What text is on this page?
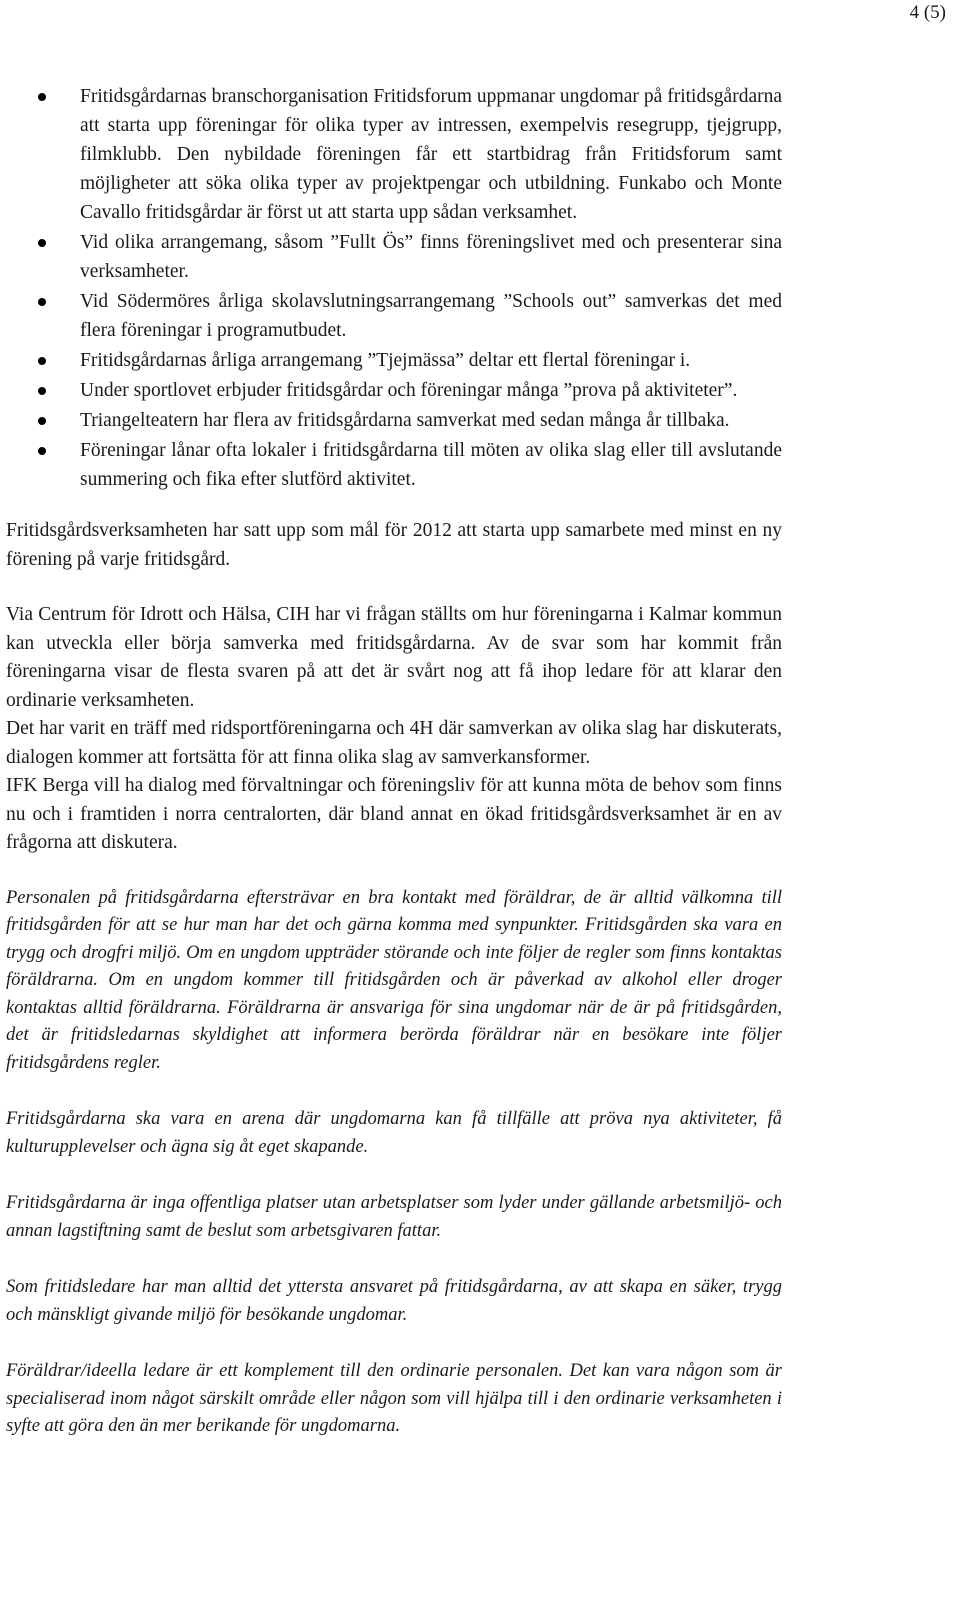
4 (5)
Fritidsgårdarnas branschorganisation Fritidsforum uppmanar ungdomar på fritidsgårdarna att starta upp föreningar för olika typer av intressen, exempelvis resegrupp, tjejgrupp, filmklubb. Den nybildade föreningen får ett startbidrag från Fritidsforum samt möjligheter att söka olika typer av projektpengar och utbildning. Funkabo och Monte Cavallo fritidsgårdar är först ut att starta upp sådan verksamhet.
Vid olika arrangemang, såsom ”Fullt Ös” finns föreningslivet med och presenterar sina verksamheter.
Vid Södermöres årliga skolavslutningsarrangemang ”Schools out” samverkas det med flera föreningar i programutbudet.
Fritidsgårdarnas årliga arrangemang ”Tjejmässa” deltar ett flertal föreningar i.
Under sportlovet erbjuder fritidsgårdar och föreningar många ”prova på aktiviteter”.
Triangelteatern har flera av fritidsgårdarna samverkat med sedan många år tillbaka.
Föreningar lånar ofta lokaler i fritidsgårdarna till möten av olika slag eller till avslutande summering och fika efter slutförd aktivitet.

Fritidsgårdsverksamheten har satt upp som mål för 2012 att starta upp samarbete med minst en ny förening på varje fritidsgård.

Via Centrum för Idrott och Hälsa, CIH har vi frågan ställts om hur föreningarna i Kalmar kommun kan utveckla eller börja samverka med fritidsgårdarna. Av de svar som har kommit från föreningarna visar de flesta svaren på att det är svårt nog att få ihop ledare för att klarar den ordinarie verksamheten.

Det har varit en träff med ridsportföreningarna och 4H där samverkan av olika slag har diskuterats, dialogen kommer att fortsätta för att finna olika slag av samverkansformer.

IFK Berga vill ha dialog med förvaltningar och föreningsliv för att kunna möta de behov som finns nu och i framtiden i norra centralorten, där bland annat en ökad fritidsgårdsverksamhet är en av frågorna att diskutera.

Personalen på fritidsgårdarna eftersträvar en bra kontakt med föräldrar, de är alltid välkomna till fritidsgården för att se hur man har det och gärna komma med synpunkter. Fritidsgården ska vara en trygg och drogfri miljö. Om en ungdom uppträder störande och inte följer de regler som finns kontaktas föräldrarna. Om en ungdom kommer till fritidsgården och är påverkad av alkohol eller droger kontaktas alltid föräldrarna. Föräldrarna är ansvariga för sina ungdomar när de är på fritidsgården, det är fritidsledarnas skyldighet att informera berörda föräldrar när en besökare inte följer fritidsgårdens regler.

Fritidsgårdarna ska vara en arena där ungdomarna kan få tillfälle att pröva nya aktiviteter, få kulturupplevelser och ägna sig åt eget skapande.

Fritidsgårdarna är inga offentliga platser utan arbetsplatser som lyder under gällande arbetsmiljö- och annan lagstiftning samt de beslut som arbetsgivaren fattar.

Som fritidsledare har man alltid det yttersta ansvaret på fritidsgårdarna, av att skapa en säker, trygg och mänskligt givande miljö för besökande ungdomar.

Föräldrar/ideella ledare är ett komplement till den ordinarie personalen. Det kan vara någon som är specialiserad inom något särskilt område eller någon som vill hjälpa till i den ordinarie verksamheten i syfte att göra den än mer berikande för ungdomarna.
